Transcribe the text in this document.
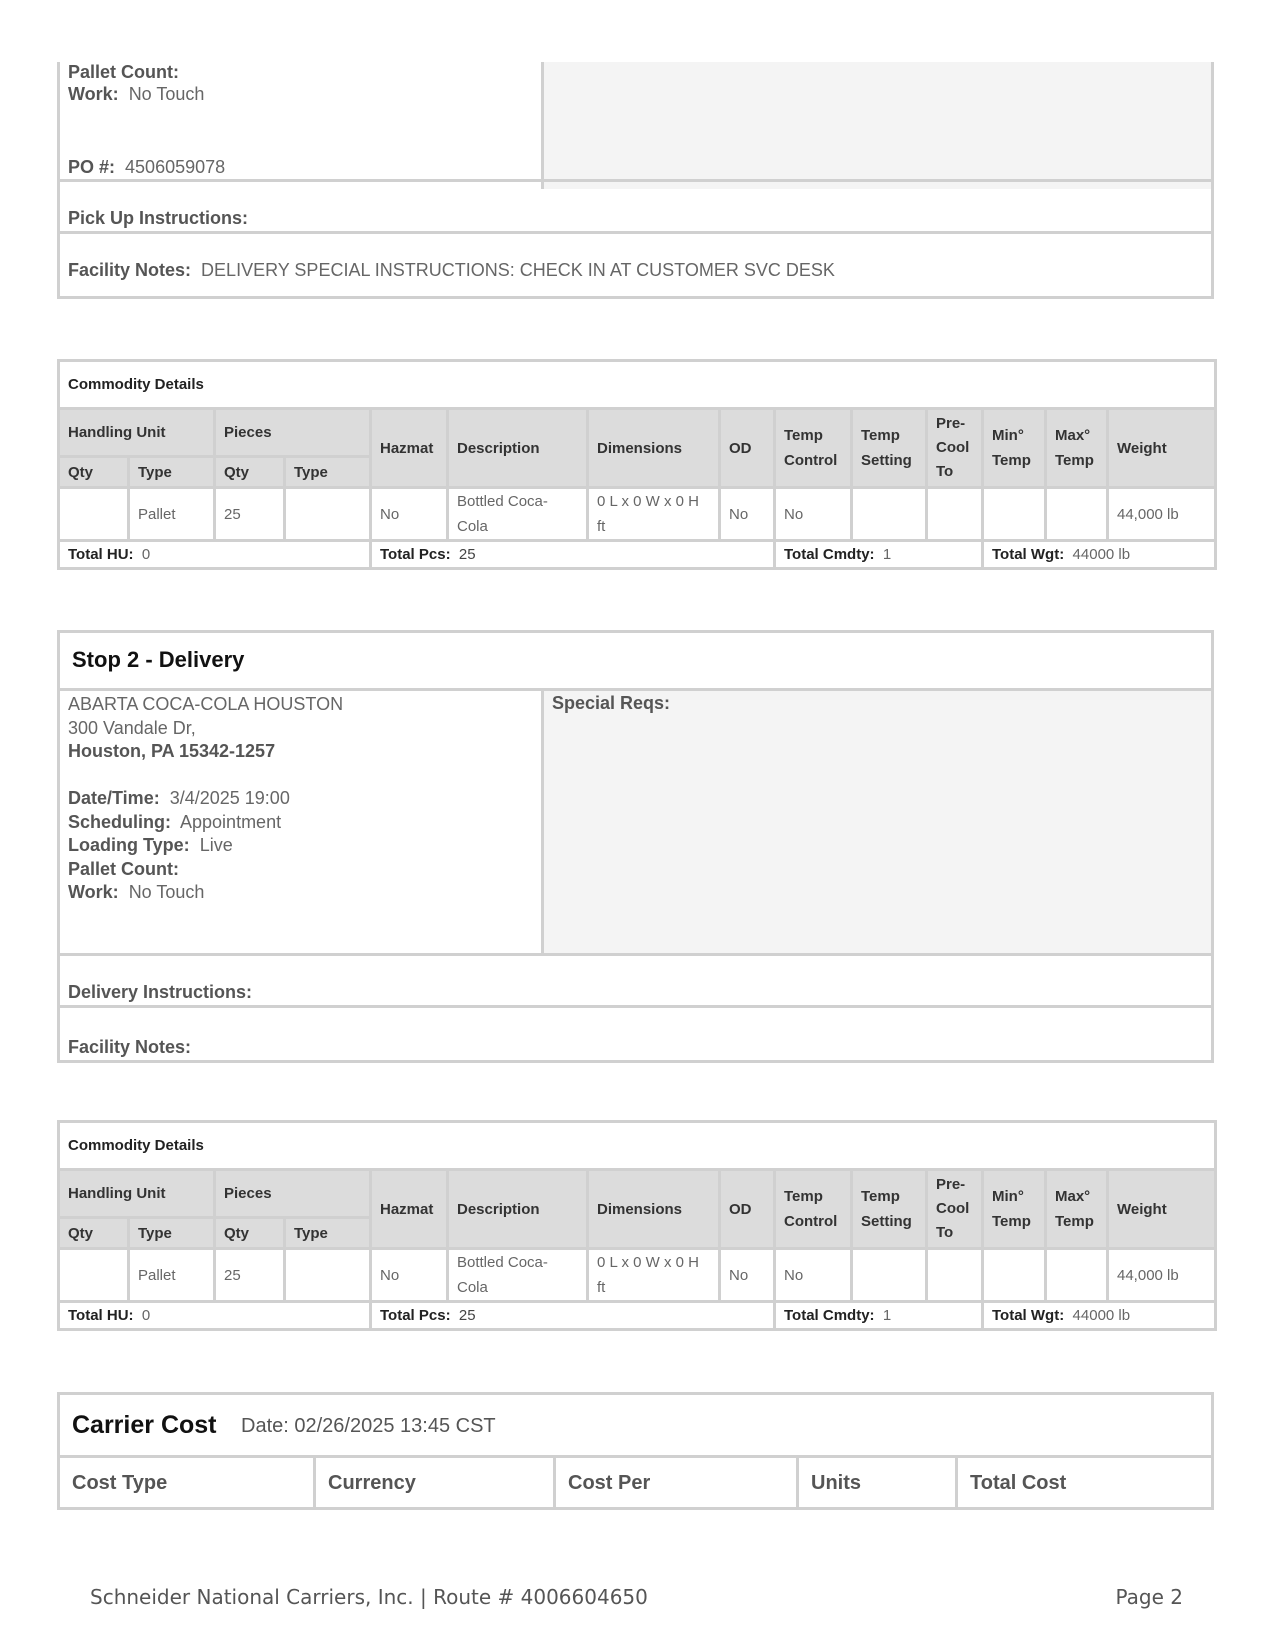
Pallet Count:
Work: No Touch
PO #: 4506059078
Pick Up Instructions:
Facility Notes: DELIVERY SPECIAL INSTRUCTIONS: CHECK IN AT CUSTOMER SVC DESK
Commodity Details													
Handling Unit		Pieces		Hazmat	Description	Dimensions	OD	Temp Control	Temp Setting	Pre-Cool To	Min° Temp	Max° Temp	Weight
Qty	Type	Qty	Type										
	Pallet	25		No	Bottled Coca-Cola	0 L x 0 W x 0 H ft	No	No					44,000 lb
Total HU: 0				Total Pcs: 25				Total Cmdty: 1			Total Wgt: 44000 lb		
Stop 2 - Delivery
ABARTA COCA-COLA HOUSTON
300 Vandale Dr,
Houston, PA 15342-1257
Date/Time: 3/4/2025 19:00
Scheduling: Appointment
Loading Type: Live
Pallet Count:
Work: No Touch
Special Reqs:
Delivery Instructions:
Facility Notes:
Commodity Details													
Handling Unit		Pieces		Hazmat	Description	Dimensions	OD	Temp Control	Temp Setting	Pre-Cool To	Min° Temp	Max° Temp	Weight
Qty	Type	Qty	Type										
	Pallet	25		No	Bottled Coca-Cola	0 L x 0 W x 0 H ft	No	No					44,000 lb
Total HU: 0				Total Pcs: 25				Total Cmdty: 1			Total Wgt: 44000 lb		
Carrier Cost Date: 02/26/2025 13:45 CST
Cost Type	Currency	Cost Per	Units	Total Cost
Schneider National Carriers, Inc. | Route # 4006604650	Page 2
